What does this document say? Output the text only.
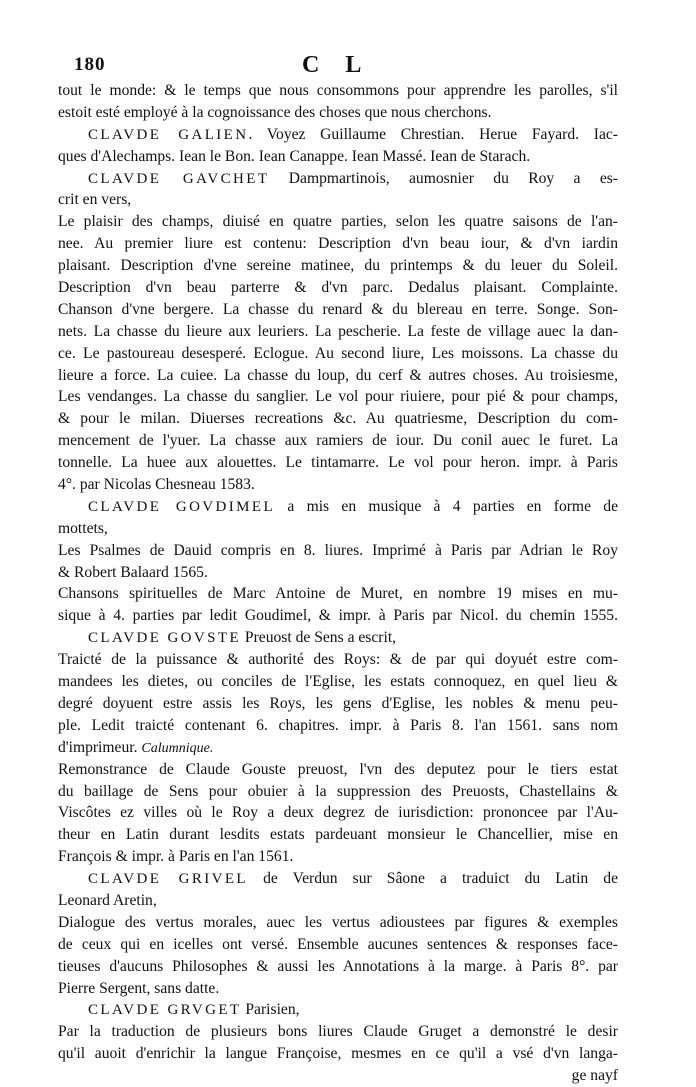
180	C L
tout le monde: & le temps que nous consommons pour apprendre les parolles, s'il
estoit esté employé à la cognoissance des choses que nous cherchons.
CLAVDE GALIEN. Voyez Guillaume Chrestian. Herue Fayard. Iac-
ques d'Alechamps. Iean le Bon. Iean Canappe. Iean Massé. Iean de Starach.
CLAVDE GAVCHET Dampmartinois, aumosnier du Roy a es-
crit en vers,
Le plaisir des champs, diuisé en quatre parties, selon les quatre saisons de l'an-
nee. Au premier liure est contenu: Description d'vn beau iour, & d'vn iardin
plaisant. Description d'vne sereine matinee, du printemps & du leuer du Soleil.
Description d'vn beau parterre & d'vn parc. Dedalus plaisant. Complainte.
Chanson d'vne bergere. La chasse du renard & du blereau en terre. Songe. Son-
nets. La chasse du lieure aux leuriers. La pescherie. La feste de village auec la dan-
ce. Le pastoureau desesperé. Eclogue. Au second liure, Les moissons. La chasse du
lieure a force. La cuiee. La chasse du loup, du cerf & autres choses. Au troisiesme,
Les vendanges. La chasse du sanglier. Le vol pour riuiere, pour pié & pour champs,
& pour le milan. Diuerses recreations &c. Au quatriesme, Description du com-
mencement de l'yuer. La chasse aux ramiers de iour. Du conil auec le furet. La
tonnelle. La huee aux alouettes. Le tintamarre. Le vol pour heron. impr. à Paris
4°. par Nicolas Chesneau 1583.
CLAVDE GOVDIMEL a mis en musique à 4 parties en forme de
mottets,
Les Psalmes de Dauid compris en 8. liures. Imprimé à Paris par Adrian le Roy
& Robert Balaard 1565.
Chansons spirituelles de Marc Antoine de Muret, en nombre 19 mises en mu-
sique à 4. parties par ledit Goudimel, & impr. à Paris par Nicol. du chemin 1555.
CLAVDE GOVSTE Preuost de Sens a escrit,
Traicté de la puissance & authorité des Roys: & de par qui doyuét estre com-
mandees les dietes, ou conciles de l'Eglise, les estats connoquez, en quel lieu &
degré doyuent estre assis les Roys, les gens d'Eglise, les nobles & menu peu-
ple. Ledit traicté contenant 6. chapitres. impr. à Paris 8. l'an 1561. sans nom
d'imprimeur. Calumnique.
Remonstrance de Claude Gouste preuost, l'vn des deputez pour le tiers estat
du baillage de Sens pour obuier à la suppression des Preuosts, Chastellains &
Viscôtes ez villes où le Roy a deux degrez de iurisdiction: prononcee par l'Au-
theur en Latin durant lesdits estats pardeuant monsieur le Chancellier, mise en
François & impr. à Paris en l'an 1561.
CLAVDE GRIVEL de Verdun sur Sâone a traduict du Latin de
Leonard Aretin,
Dialogue des vertus morales, auec les vertus adioustees par figures & exemples
de ceux qui en icelles ont versé. Ensemble aucunes sentences & responses face-
tieuses d'aucuns Philosophes & aussi les Annotations à la marge. à Paris 8°. par
Pierre Sergent, sans datte.
CLAVDE GRVGET Parisien,
Par la traduction de plusieurs bons liures Claude Gruget a demonstré le desir
qu'il auoit d'enrichir la langue Françoise, mesmes en ce qu'il a vsé d'vn langa-
ge nayf
